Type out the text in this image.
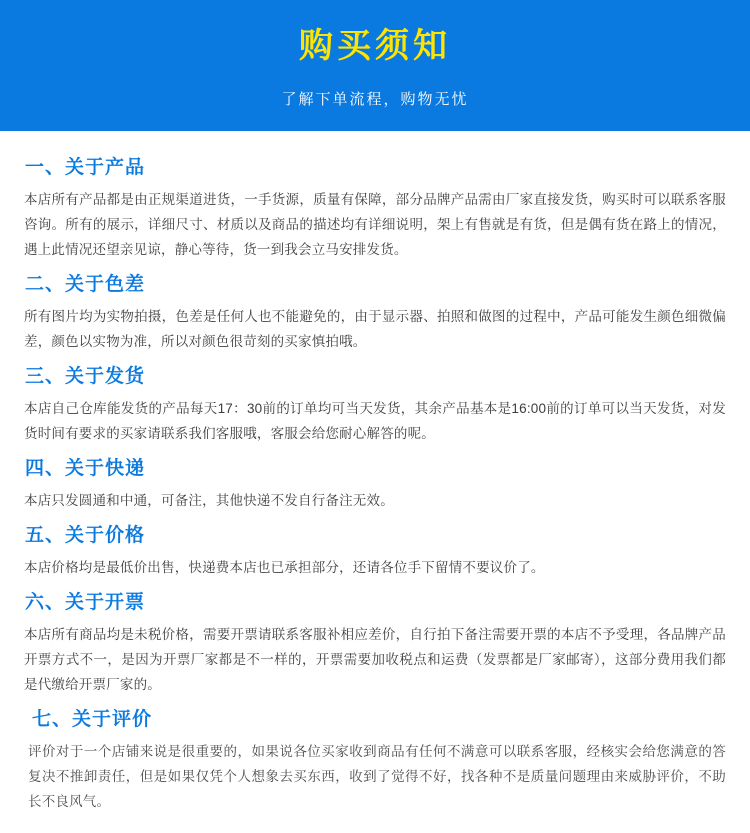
购买须知
了解下单流程，购物无忧
一、关于产品
本店所有产品都是由正规渠道进货，一手货源，质量有保障，部分品牌产品需由厂家直接发货，购买时可以联系客服咨询。所有的展示，详细尺寸、材质以及商品的描述均有详细说明，架上有售就是有货，但是偶有货在路上的情况，遇上此情况还望亲见谅，静心等待，货一到我会立马安排发货。
二、关于色差
所有图片均为实物拍摄，色差是任何人也不能避免的，由于显示器、拍照和做图的过程中，产品可能发生颜色细微偏差，颜色以实物为准，所以对颜色很苛刻的买家慎拍哦。
三、关于发货
本店自己仓库能发货的产品每天17：30前的订单均可当天发货，其余产品基本是16:00前的订单可以当天发货，对发货时间有要求的买家请联系我们客服哦，客服会给您耐心解答的呢。
四、关于快递
本店只发圆通和中通，可备注，其他快递不发自行备注无效。
五、关于价格
本店价格均是最低价出售，快递费本店也已承担部分，还请各位手下留情不要议价了。
六、关于开票
本店所有商品均是未税价格，需要开票请联系客服补相应差价，自行拍下备注需要开票的本店不予受理，各品牌产品开票方式不一，是因为开票厂家都是不一样的，开票需要加收税点和运费（发票都是厂家邮寄），这部分费用我们都是代缴给开票厂家的。
七、关于评价
评价对于一个店铺来说是很重要的，如果说各位买家收到商品有任何不满意可以联系客服，经核实会给您满意的答复决不推卸责任，但是如果仅凭个人想象去买东西，收到了觉得不好，找各种不是质量问题理由来威胁评价，不助长不良风气。
